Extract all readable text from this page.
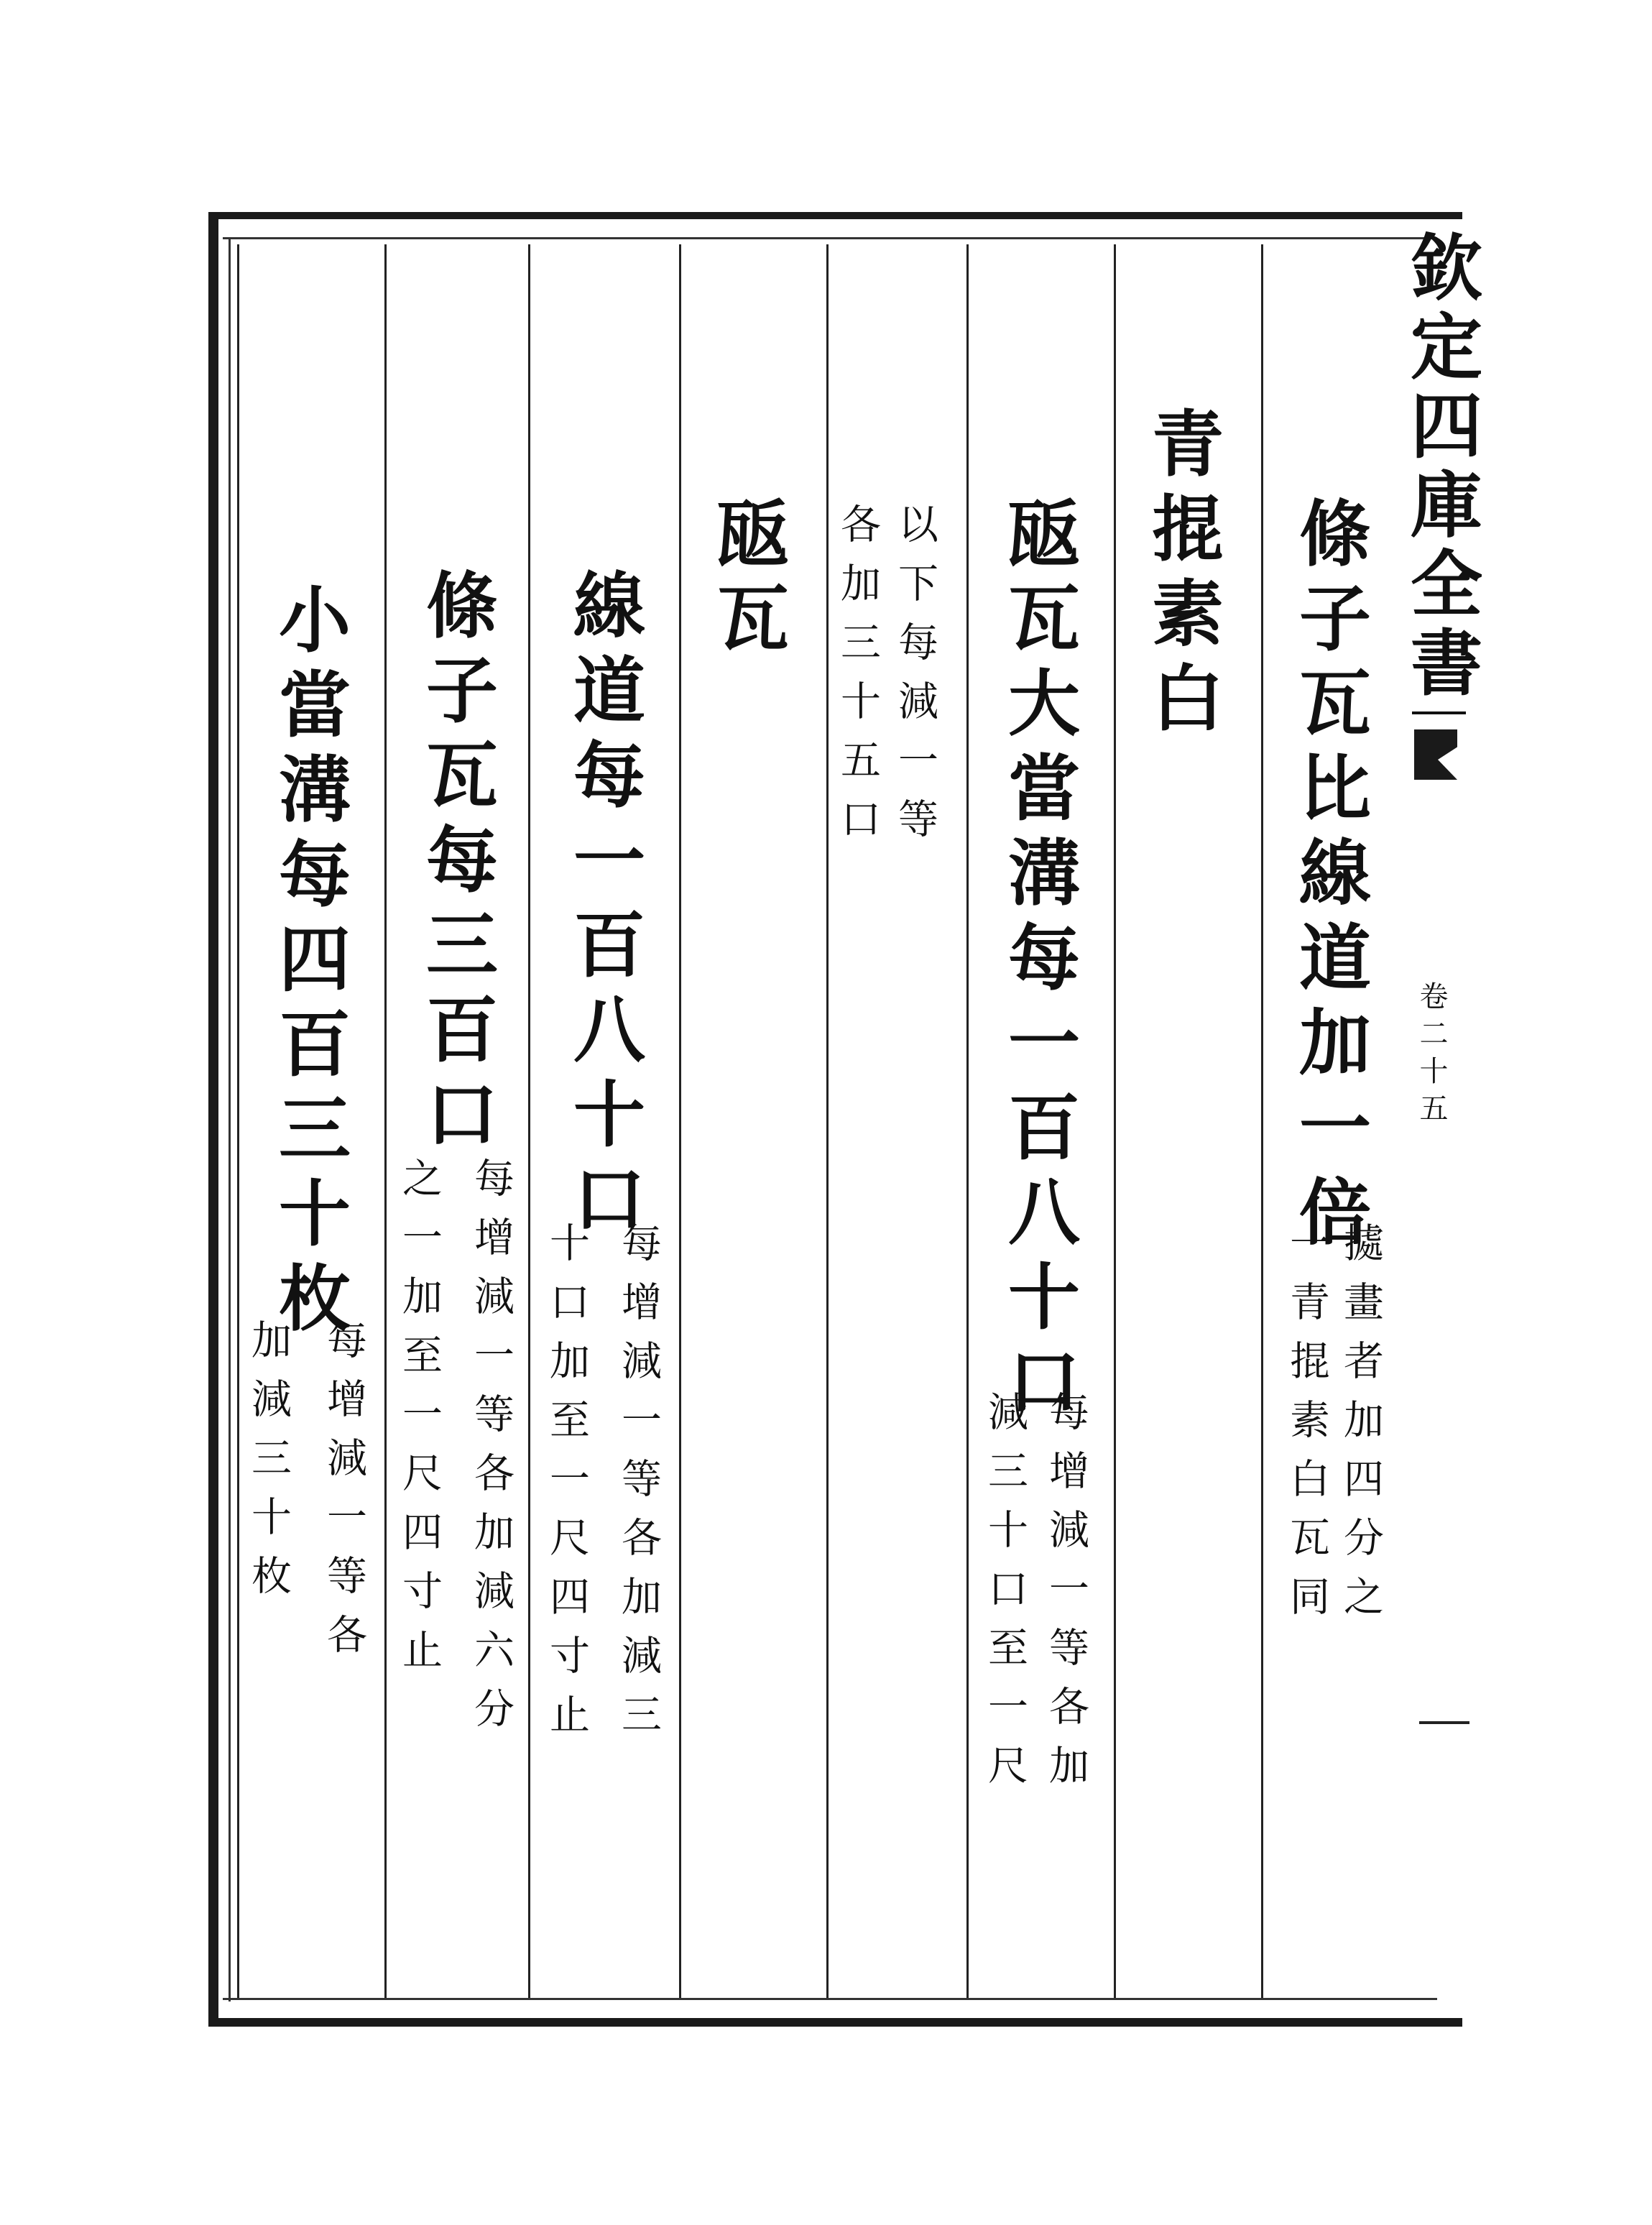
欽定四庫全書
卷二十五
條子瓦比線道加一倍
㨿畫者加四分之
一青掍素白瓦同
青掍素白
瓪瓦大當溝每一百八十口
每增減一等各加
減三十口至一尺
以下每減一等
各加三十五口
瓪瓦
線道每一百八十口
每增減一等各加減三
十口加至一尺四寸止
條子瓦每三百口
每增減一等各加減六分
之一加至一尺四寸止
小當溝每四百三十枚
每增減一等各
加減三十枚
